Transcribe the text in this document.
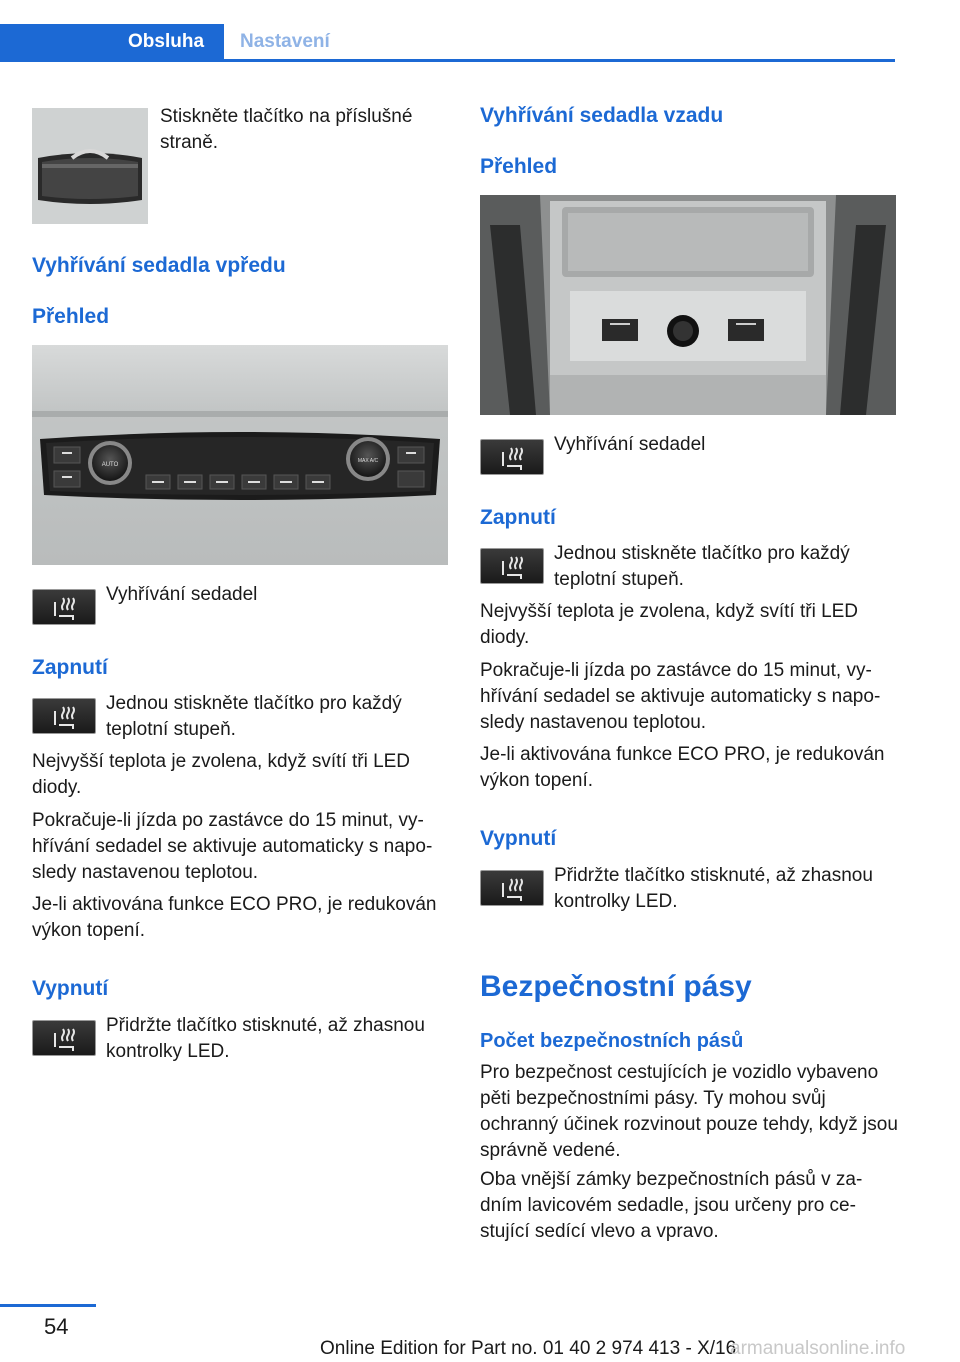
Obsluha	Nastavení
Stiskněte tlačítko na příslušné straně.
Vyhřívání sedadla vpředu
Přehled
AUTO
MAX A/C
Vyhřívání sedadel
Zapnutí
Jednou stiskněte tlačítko pro každý teplotní stupeň.
Nejvyšší teplota je zvolena, když svítí tři LED diody.
Pokračuje-li jízda po zastávce do 15 minut, vyhřívání sedadel se aktivuje automaticky s naposledy nastavenou teplotou.
Je-li aktivována funkce ECO PRO, je redukován výkon topení.
Vypnutí
Přidržte tlačítko stisknuté, až zhasnou kontrolky LED.
Vyhřívání sedadla vzadu
Přehled
Vyhřívání sedadel
Zapnutí
Jednou stiskněte tlačítko pro každý teplotní stupeň.
Nejvyšší teplota je zvolena, když svítí tři LED diody.
Pokračuje-li jízda po zastávce do 15 minut, vyhřívání sedadel se aktivuje automaticky s naposledy nastavenou teplotou.
Je-li aktivována funkce ECO PRO, je redukován výkon topení.
Vypnutí
Přidržte tlačítko stisknuté, až zhasnou kontrolky LED.
Bezpečnostní pásy
Počet bezpečnostních pásů
Pro bezpečnost cestujících je vozidlo vybaveno pěti bezpečnostními pásy. Ty mohou svůj ochranný účinek rozvinout pouze tehdy, když jsou správně vedené.
Oba vnější zámky bezpečnostních pásů v zadním lavicovém sedadle, jsou určeny pro cestující sedící vlevo a vpravo.
54
Online Edition for Part no. 01 40 2 974 413 - X/16
armanualsonline.info
